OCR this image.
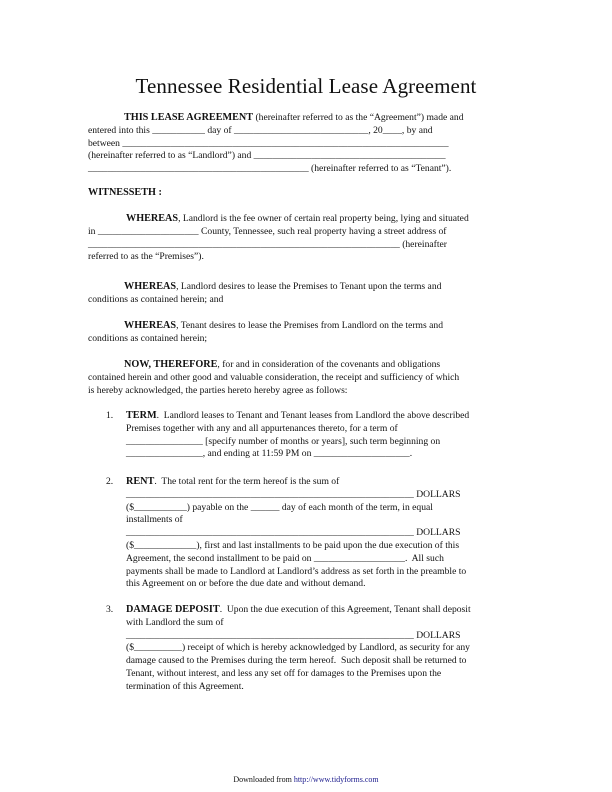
Tennessee Residential Lease Agreement
THIS LEASE AGREEMENT (hereinafter referred to as the “Agreement”) made and
entered into this ___________ day of ____________________________, 20____, by and
between ____________________________________________________________________
(hereinafter referred to as “Landlord”) and ________________________________________
______________________________________________ (hereinafter referred to as “Tenant”).
WITNESSETH :
WHEREAS, Landlord is the fee owner of certain real property being, lying and situated
in _____________________ County, Tennessee, such real property having a street address of
_________________________________________________________________ (hereinafter
referred to as the “Premises”).
WHEREAS, Landlord desires to lease the Premises to Tenant upon the terms and
conditions as contained herein; and
WHEREAS, Tenant desires to lease the Premises from Landlord on the terms and
conditions as contained herein;
NOW, THEREFORE, for and in consideration of the covenants and obligations
contained herein and other good and valuable consideration, the receipt and sufficiency of which
is hereby acknowledged, the parties hereto hereby agree as follows:
1. TERM.  Landlord leases to Tenant and Tenant leases from Landlord the above described
Premises together with any and all appurtenances thereto, for a term of
________________ [specify number of months or years], such term beginning on
________________, and ending at 11:59 PM on ____________________.
2. RENT.  The total rent for the term hereof is the sum of
____________________________________________________________ DOLLARS
($___________) payable on the ______ day of each month of the term, in equal
installments of
____________________________________________________________ DOLLARS
($_____________), first and last installments to be paid upon the due execution of this
Agreement, the second installment to be paid on ___________________.  All such
payments shall be made to Landlord at Landlord’s address as set forth in the preamble to
this Agreement on or before the due date and without demand.
3. DAMAGE DEPOSIT.  Upon the due execution of this Agreement, Tenant shall deposit
with Landlord the sum of
____________________________________________________________ DOLLARS
($__________) receipt of which is hereby acknowledged by Landlord, as security for any
damage caused to the Premises during the term hereof.  Such deposit shall be returned to
Tenant, without interest, and less any set off for damages to the Premises upon the
termination of this Agreement.
Downloaded from http://www.tidyforms.com
